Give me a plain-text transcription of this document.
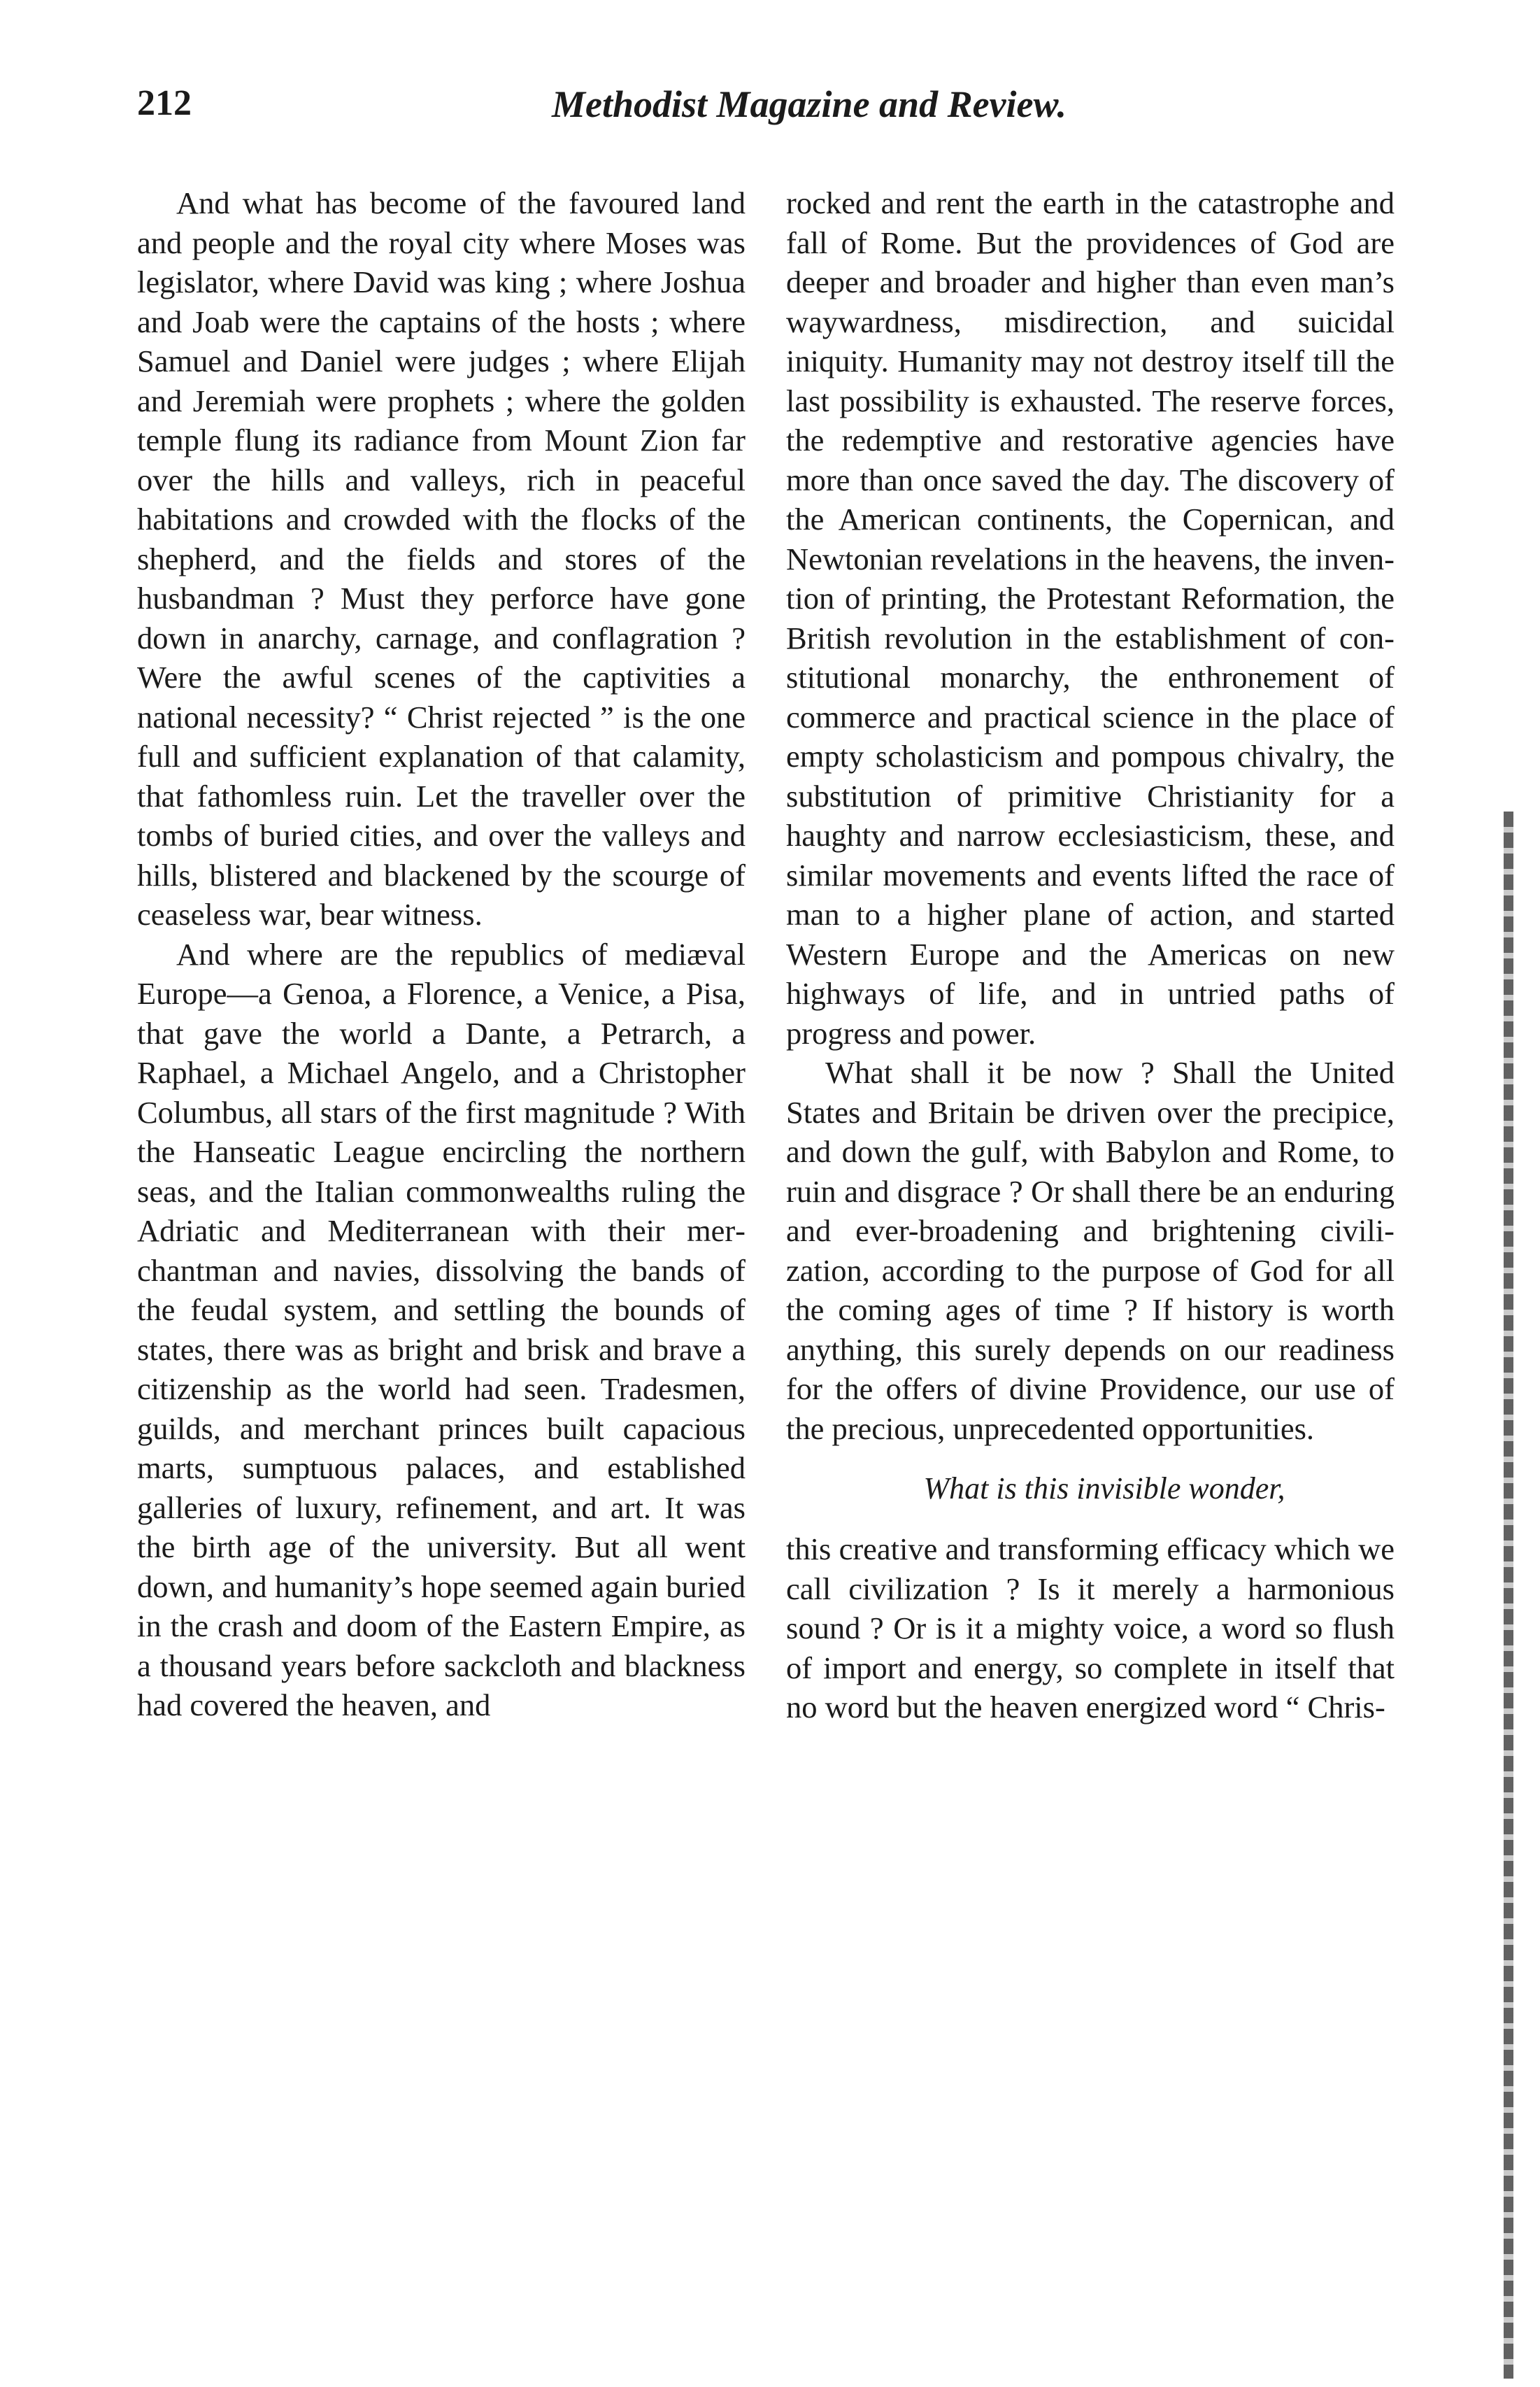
212	Methodist Magazine and Review.

And what has become of the favoured land and people and the royal city where Moses was legislator, where David was king ; where Joshua and Joab were the captains of the hosts ; where Samuel and Daniel were judges ; where Elijah and Jeremiah were prophets ; where the golden temple flung its radiance from Mount Zion far over the hills and valleys, rich in peaceful habitations and crowded with the flocks of the shepherd, and the fields and stores of the husbandman ? Must they perforce have gone down in anarchy, carnage, and conflagration ? Were the awful scenes of the captivities a national necessity? “ Christ rejected ” is the one full and sufficient explanation of that calamity, that fathomless ruin. Let the traveller over the tombs of buried cities, and over the valleys and hills, blistered and blackened by the scourge of ceaseless war, bear witness.

And where are the republics of mediæval Europe—a Genoa, a Florence, a Venice, a Pisa, that gave the world a Dante, a Petrarch, a Raphael, a Michael Angelo, and a Christopher Columbus, all stars of the first magnitude ? With the Hanseatic League encircling the northern seas, and the Italian commonwealths ruling the Adriatic and Mediterranean with their merchantman and navies, dissolving the bands of the feudal system, and settling the bounds of states, there was as bright and brisk and brave a citizenship as the world had seen. Tradesmen, guilds, and merchant princes built capacious marts, sumptuous palaces, and established galleries of luxury, refinement, and art. It was the birth age of the university. But all went down, and humanity’s hope seemed again buried in the crash and doom of the Eastern Empire, as a thousand years before sackcloth and blackness had covered the heaven, and

rocked and rent the earth in the catastrophe and fall of Rome. But the providences of God are deeper and broader and higher than even man’s waywardness, misdirection, and suicidal iniquity. Humanity may not destroy itself till the last possibility is exhausted. The reserve forces, the redemptive and restorative agencies have more than once saved the day. The discovery of the American continents, the Copernican, and Newtonian revelations in the heavens, the invention of printing, the Protestant Reformation, the British revolution in the establishment of constitutional monarchy, the enthronement of commerce and practical science in the place of empty scholasticism and pompous chivalry, the substitution of primitive Christianity for a haughty and narrow ecclesiasticism, these, and similar movements and events lifted the race of man to a higher plane of action, and started Western Europe and the Americas on new highways of life, and in untried paths of progress and power.

What shall it be now ? Shall the United States and Britain be driven over the precipice, and down the gulf, with Babylon and Rome, to ruin and disgrace ? Or shall there be an enduring and ever-broadening and brightening civilization, according to the purpose of God for all the coming ages of time ? If history is worth anything, this surely depends on our readiness for the offers of divine Providence, our use of the precious, unprecedented opportunities.

What is this invisible wonder,

this creative and transforming efficacy which we call civilization ? Is it merely a harmonious sound ? Or is it a mighty voice, a word so flush of import and energy, so complete in itself that no word but the heaven energized word “ Chris-
